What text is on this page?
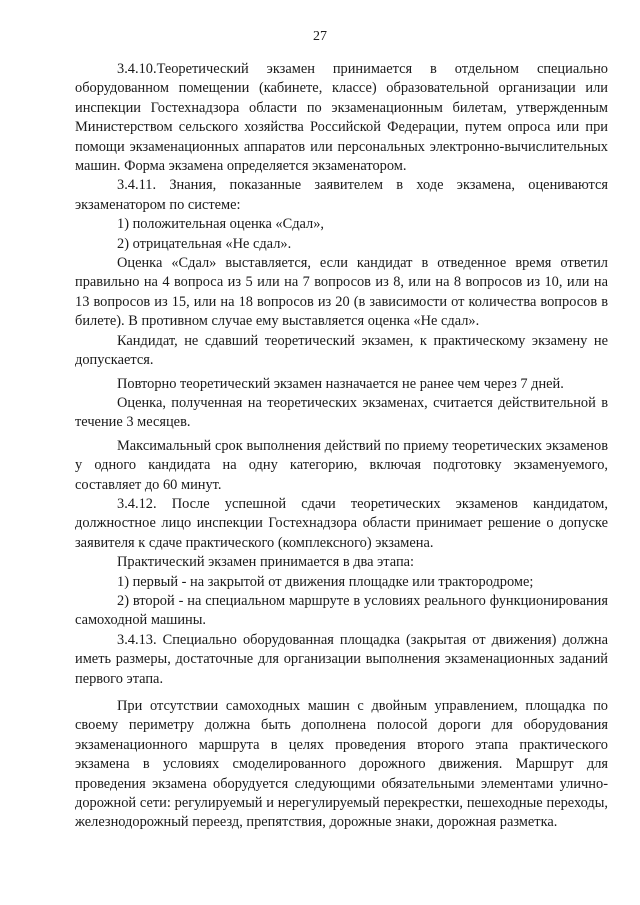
27

3.4.10.Теоретический экзамен принимается в отдельном специально оборудованном помещении (кабинете, классе) образовательной организации или инспекции Гостехнадзора области по экзаменационным билетам, утвержденным Министерством сельского хозяйства Российской Федерации, путем опроса или при помощи экзаменационных аппаратов или персональных электронно-вычислительных машин. Форма экзамена определяется экзаменатором.

3.4.11. Знания, показанные заявителем в ходе экзамена, оцениваются экзаменатором по системе:

1) положительная оценка «Сдал»,

2) отрицательная «Не сдал».

Оценка «Сдал» выставляется, если кандидат в отведенное время ответил правильно на 4 вопроса из 5 или на 7 вопросов из 8, или на 8 вопросов из 10, или на 13 вопросов из 15, или на 18 вопросов из 20 (в зависимости от количества вопросов в билете). В противном случае ему выставляется оценка «Не сдал».

Кандидат, не сдавший теоретический экзамен, к практическому экзамену не допускается.

Повторно теоретический экзамен назначается не ранее чем через 7 дней.

Оценка, полученная на теоретических экзаменах, считается действительной в течение 3 месяцев.

Максимальный срок выполнения действий по приему теоретических экзаменов у одного кандидата на одну категорию, включая подготовку экзаменуемого, составляет до 60 минут.

3.4.12. После успешной сдачи теоретических экзаменов кандидатом, должностное лицо инспекции Гостехнадзора области принимает решение о допуске заявителя к сдаче практического (комплексного) экзамена.

Практический экзамен принимается в два этапа:

1) первый - на закрытой от движения площадке или трактородроме;

2) второй - на специальном маршруте в условиях реального функционирования самоходной машины.

3.4.13. Специально оборудованная площадка (закрытая от движения) должна иметь размеры, достаточные для организации выполнения экзаменационных заданий первого этапа.

При отсутствии самоходных машин с двойным управлением, площадка по своему периметру должна быть дополнена полосой дороги для оборудования экзаменационного маршрута в целях проведения второго этапа практического экзамена в условиях смоделированного дорожного движения. Маршрут для проведения экзамена оборудуется следующими обязательными элементами улично-дорожной сети: регулируемый и нерегулируемый перекрестки, пешеходные переходы, железнодорожный переезд, препятствия, дорожные знаки, дорожная разметка.
